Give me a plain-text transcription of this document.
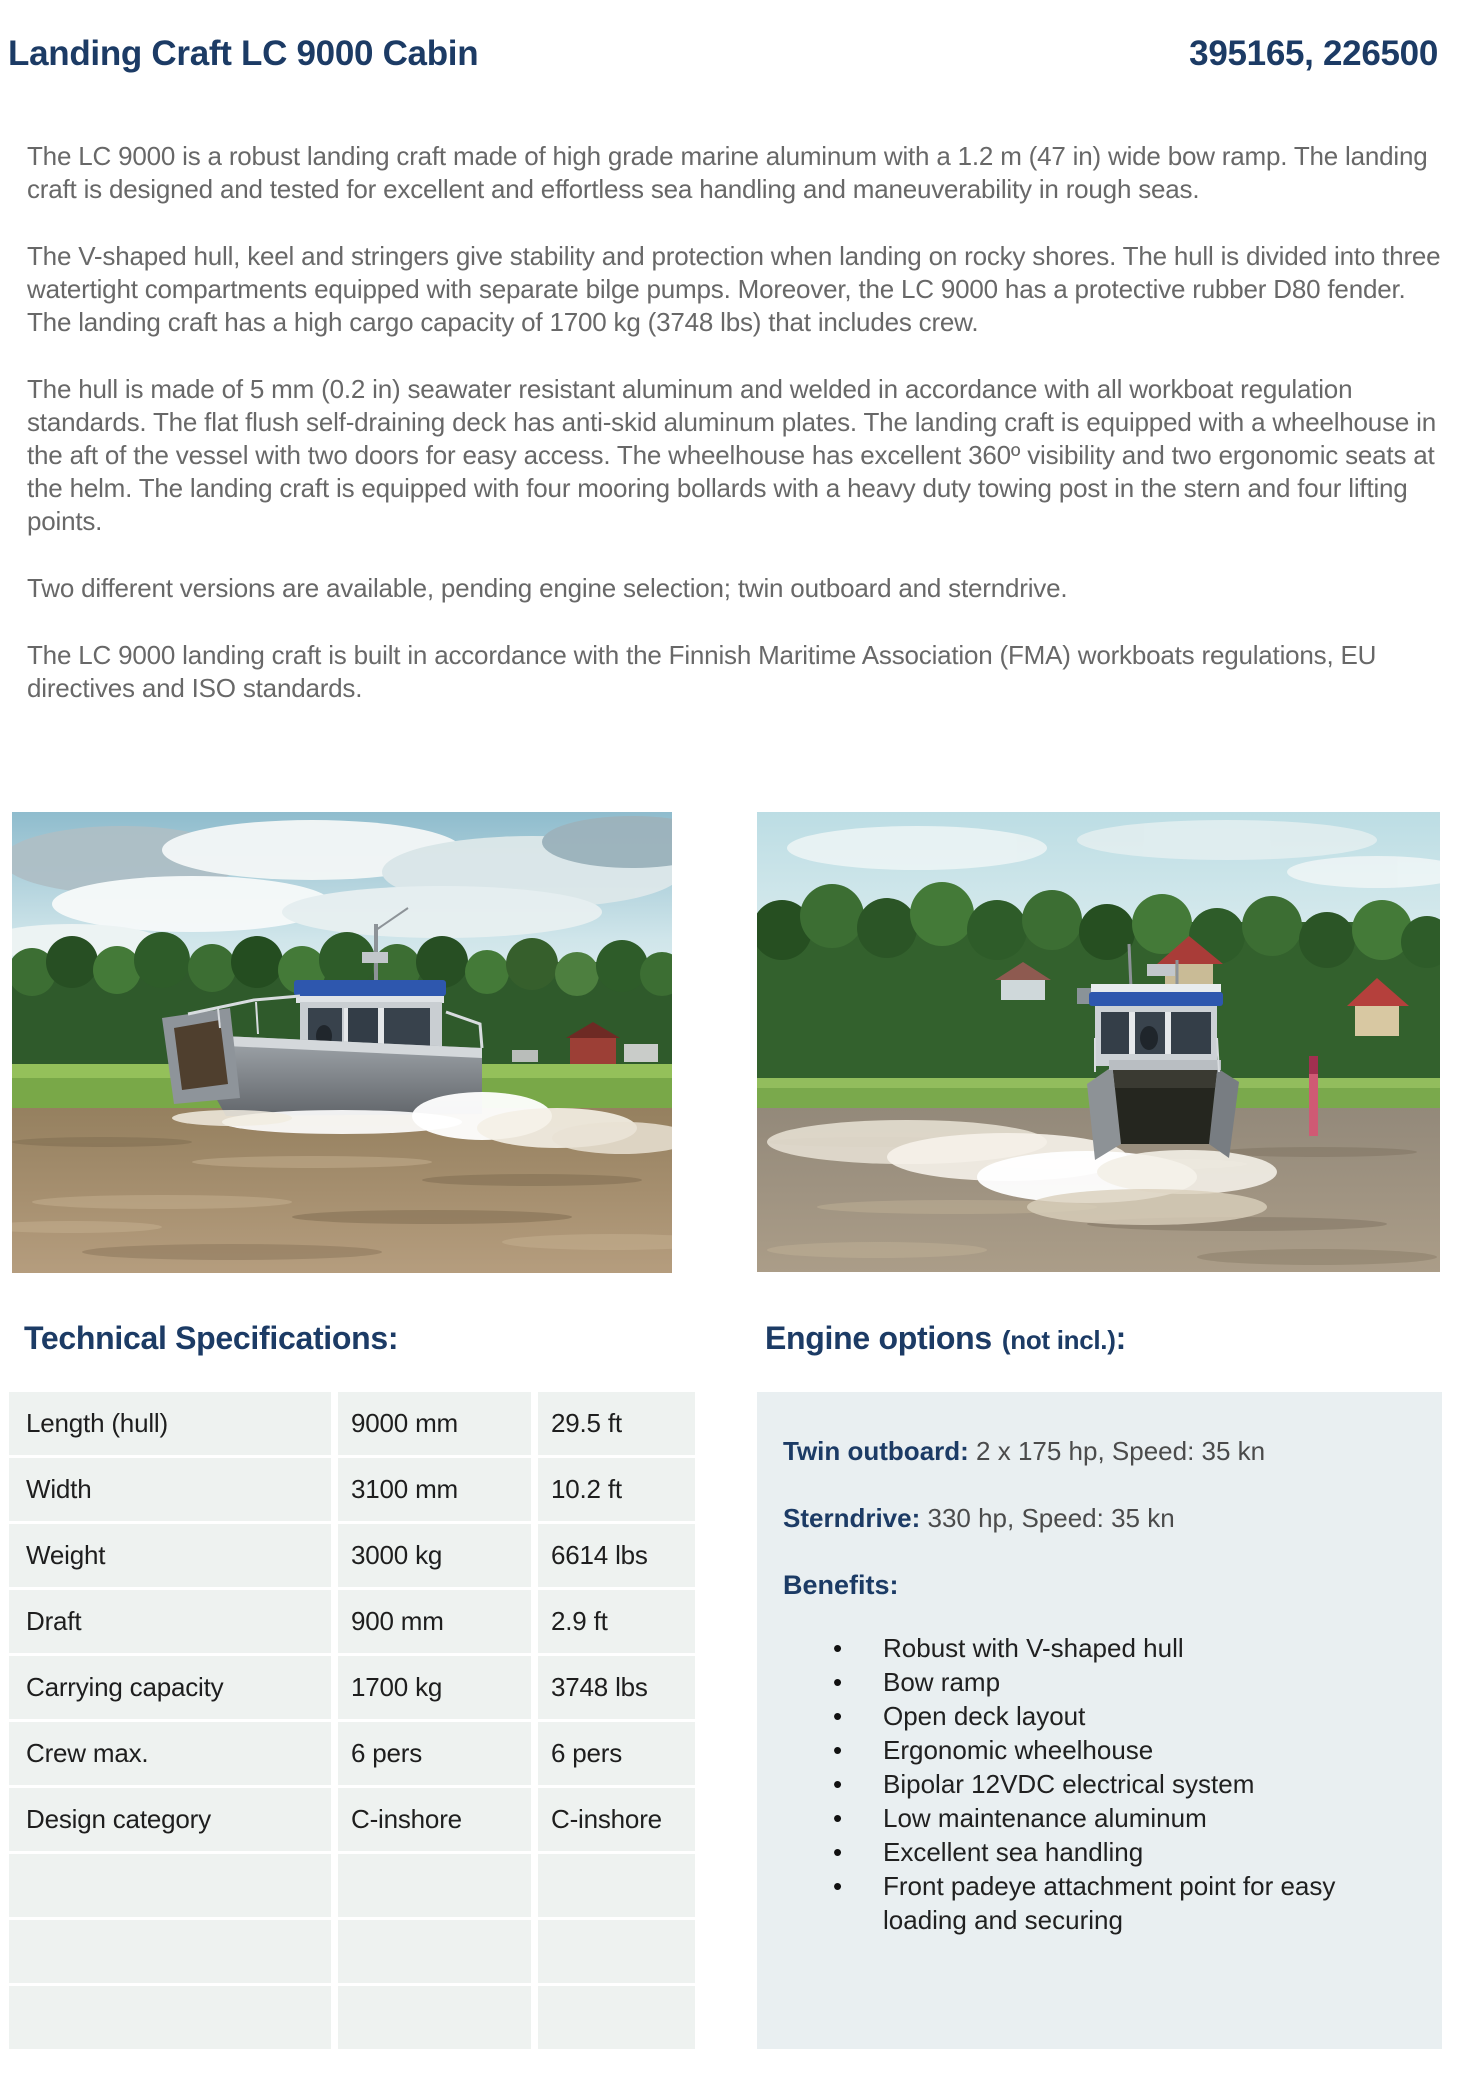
Landing Craft LC 9000 Cabin	395165, 226500

The LC 9000 is a robust landing craft made of high grade marine aluminum with a 1.2 m (47 in) wide bow ramp. The landing craft is designed and tested for excellent and effortless sea handling and maneuverability in rough seas.

The V-shaped hull, keel and stringers give stability and protection when landing on rocky shores. The hull is divided into three watertight compartments equipped with separate bilge pumps. Moreover, the LC 9000 has a protective rubber D80 fender. The landing craft has a high cargo capacity of 1700 kg (3748 lbs) that includes crew.

The hull is made of 5 mm (0.2 in) seawater resistant aluminum and welded in accordance with all workboat regulation standards. The flat flush self-draining deck has anti-skid aluminum plates. The landing craft is equipped with a wheelhouse in the aft of the vessel with two doors for easy access. The wheelhouse has excellent 360º visibility and two ergonomic seats at the helm. The landing craft is equipped with four mooring bollards with a heavy duty towing post in the stern and four lifting points.

Two different versions are available, pending engine selection; twin outboard and sterndrive.

The LC 9000 landing craft is built in accordance with the Finnish Maritime Association (FMA) workboats regulations, EU directives and ISO standards.

Technical Specifications:	Engine options (not incl.):
Length (hull)	9000 mm	29.5 ft
Width	3100 mm	10.2 ft
Weight	3000 kg	6614 lbs
Draft	900 mm	2.9 ft
Carrying capacity	1700 kg	3748 lbs
Crew max.	6 pers	6 pers
Design category	C-inshore	C-inshore

Twin outboard: 2 x 175 hp, Speed: 35 kn

Sterndrive: 330 hp, Speed: 35 kn

Benefits:

• Robust with V-shaped hull
• Bow ramp
• Open deck layout
• Ergonomic wheelhouse
• Bipolar 12VDC electrical system
• Low maintenance aluminum
• Excellent sea handling
• Front padeye attachment point for easy loading and securing
